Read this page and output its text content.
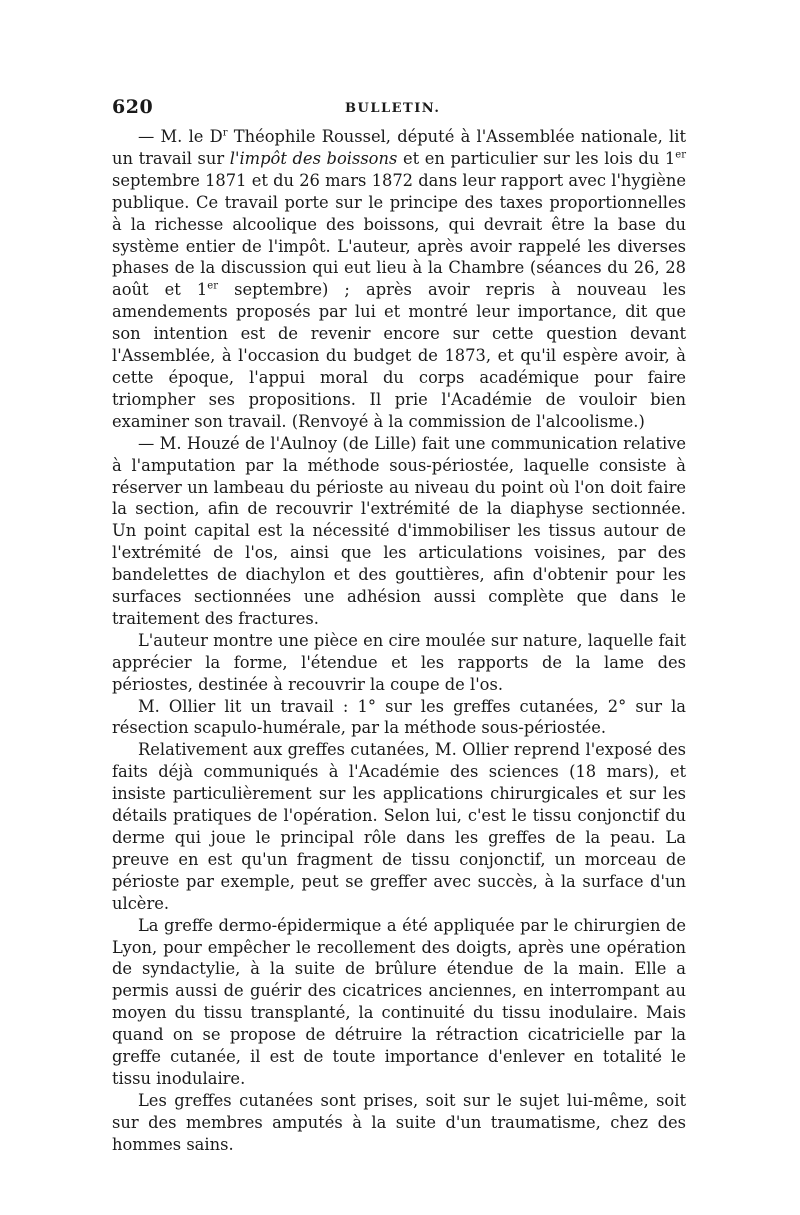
620	BULLETIN.

— M. le $D^r$ Théophile Roussel, député à l'Assemblée nationale, lit un travail sur l'impôt des boissons et en particulier sur les lois du 1er septembre 1871 et du 26 mars 1872 dans leur rapport avec l'hygiène publique. Ce travail porte sur le principe des taxes proportionnelles à la richesse alcoolique des boissons, qui devrait être la base du système entier de l'impôt. L'auteur, après avoir rappelé les diverses phases de la discussion qui eut lieu à la Chambre (séances du 26, 28 août et 1er septembre) ; après avoir repris à nouveau les amendements proposés par lui et montré leur importance, dit que son intention est de revenir encore sur cette question devant l'Assemblée, à l'occasion du budget de 1873, et qu'il espère avoir, à cette époque, l'appui moral du corps académique pour faire triompher ses propositions. Il prie l'Académie de vouloir bien examiner son travail. (Renvoyé à la commission de l'alcoolisme.)

— M. Houzé de l'Aulnoy (de Lille) fait une communication relative à l'amputation par la méthode sous-périostée, laquelle consiste à réserver un lambeau du périoste au niveau du point où l'on doit faire la section, afin de recouvrir l'extrémité de la diaphyse sectionnée. Un point capital est la nécessité d'immobiliser les tissus autour de l'extrémité de l'os, ainsi que les articulations voisines, par des bandelettes de diachylon et des gouttières, afin d'obtenir pour les surfaces sectionnées une adhésion aussi complète que dans le traitement des fractures.

L'auteur montre une pièce en cire moulée sur nature, laquelle fait apprécier la forme, l'étendue et les rapports de la lame des périostes, destinée à recouvrir la coupe de l'os.

M. Ollier lit un travail : 1° sur les greffes cutanées, 2° sur la résection scapulo-humérale, par la méthode sous-périostée.

Relativement aux greffes cutanées, M. Ollier reprend l'exposé des faits déjà communiqués à l'Académie des sciences (18 mars), et insiste particulièrement sur les applications chirurgicales et sur les détails pratiques de l'opération. Selon lui, c'est le tissu conjonctif du derme qui joue le principal rôle dans les greffes de la peau. La preuve en est qu'un fragment de tissu conjonctif, un morceau de périoste par exemple, peut se greffer avec succès, à la surface d'un ulcère.

La greffe dermo-épidermique a été appliquée par le chirurgien de Lyon, pour empêcher le recollement des doigts, après une opération de syndactylie, à la suite de brûlure étendue de la main. Elle a permis aussi de guérir des cicatrices anciennes, en interrompant au moyen du tissu transplanté, la continuité du tissu inodulaire. Mais quand on se propose de détruire la rétraction cicatricielle par la greffe cutanée, il est de toute importance d'enlever en totalité le tissu inodulaire.

Les greffes cutanées sont prises, soit sur le sujet lui-même, soit sur des membres amputés à la suite d'un traumatisme, chez des hommes sains.
